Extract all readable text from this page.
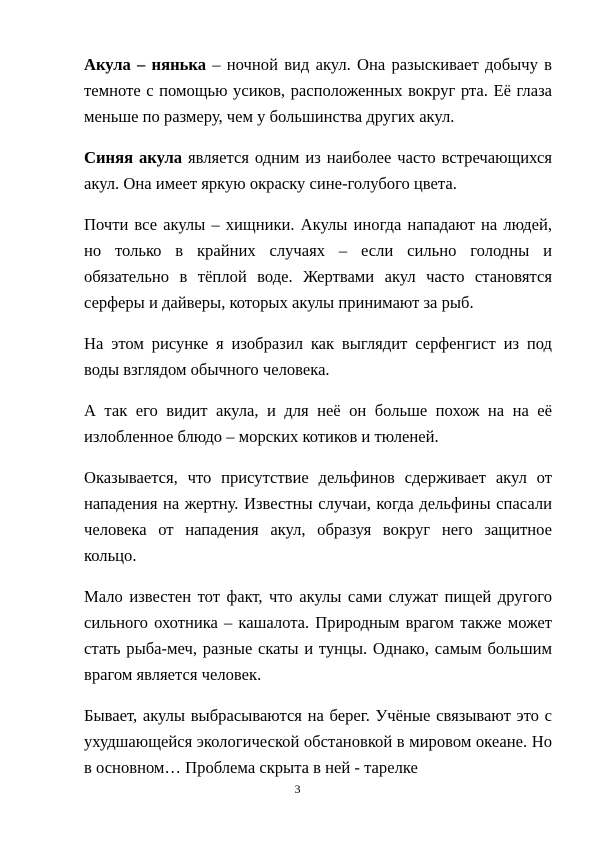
Акула – нянька – ночной вид акул. Она разыскивает добычу в темноте с помощью усиков, расположенных вокруг рта. Её глаза меньше по размеру, чем у большинства других акул.

Синяя акула является одним из наиболее часто встречающихся акул. Она имеет яркую окраску сине-голубого цвета.

Почти все акулы – хищники. Акулы иногда нападают на людей, но только в крайних случаях – если сильно голодны и обязательно в тёплой воде. Жертвами акул часто становятся серферы и дайверы, которых акулы принимают за рыб.

На этом рисунке я изобразил как выглядит серфенгист из под воды взглядом обычного человека.

А так его видит акула, и для неё он больше похож на на её излобленное блюдо – морских котиков и тюленей.

Оказывается, что присутствие дельфинов сдерживает акул от нападения на жертну. Известны случаи, когда дельфины спасали человека от нападения акул, образуя вокруг него защитное кольцо.

Мало известен тот факт, что акулы сами служат пищей другого сильного охотника – кашалота. Природным врагом также может стать рыба-меч, разные скаты и тунцы. Однако, самым большим врагом является человек.

Бывает, акулы выбрасываются на берег. Учёные связывают это с ухудшающейся экологической обстановкой в мировом океане. Но в основном… Проблема скрыта в ней - тарелке

3
